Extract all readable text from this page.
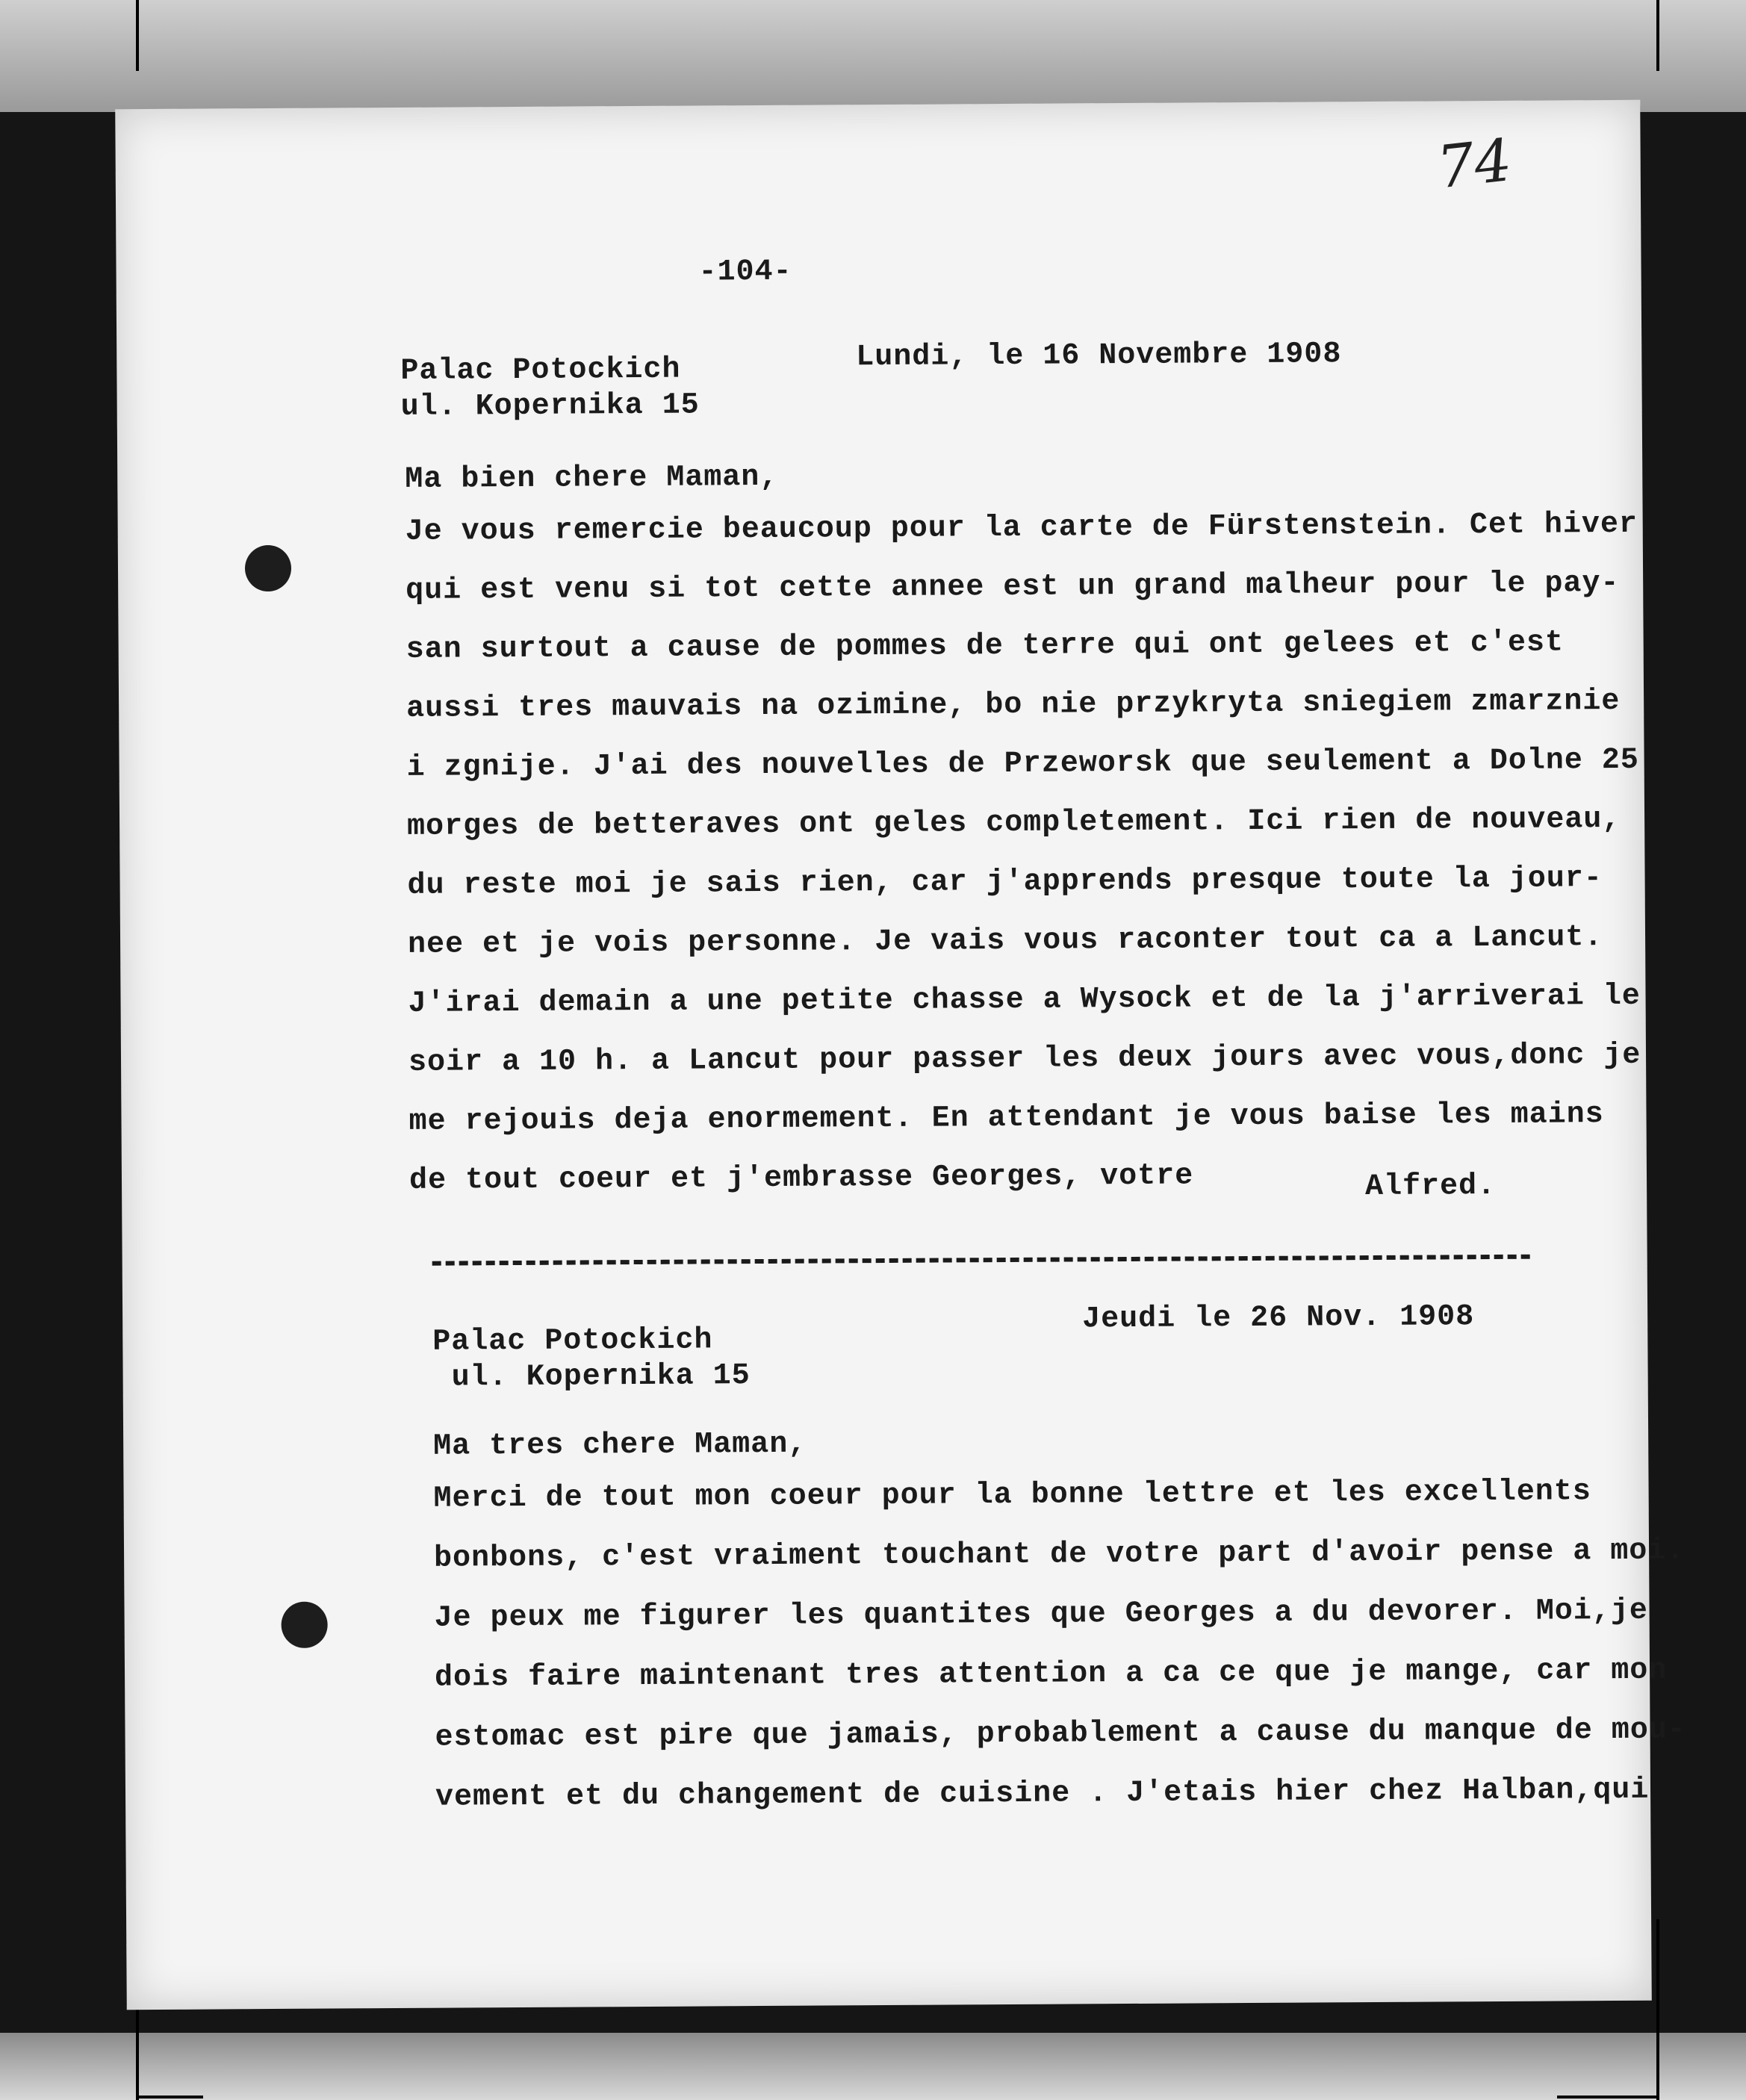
74
-104-
Palac Potockich
ul. Kopernika 15
Lundi, le 16 Novembre 1908
Ma bien chere Maman,
Je vous remercie beaucoup pour la carte de Fürstenstein. Cet hiver
qui est venu si tot cette annee est un grand malheur pour le pay-
san surtout a cause de pommes de terre qui ont gelees et c'est
aussi tres mauvais na ozimine, bo nie przykryta sniegiem zmarznie
i zgnije. J'ai des nouvelles de Przeworsk que seulement a Dolne 25
morges de betteraves ont geles completement. Ici rien de nouveau,
du reste moi je sais rien, car j'apprends presque toute la jour-
nee et je vois personne. Je vais vous raconter tout ca a Lancut.
J'irai demain a une petite chasse a Wysock et de la j'arriverai le
soir a 10 h. a Lancut pour passer les deux jours avec vous,donc je
me rejouis deja enormement. En attendant je vous baise les mains
de tout coeur et j'embrasse Georges, votre	Alfred.
Palac Potockich
ul. Kopernika 15
Jeudi le 26 Nov. 1908
Ma tres chere Maman,
Merci de tout mon coeur pour la bonne lettre et les excellents
bonbons, c'est vraiment touchant de votre part d'avoir pense a moi.
Je peux me figurer les quantites que Georges a du devorer. Moi,je
dois faire maintenant tres attention a ca ce que je mange, car mon
estomac est pire que jamais, probablement a cause du manque de mou-
vement et du changement de cuisine . J'etais hier chez Halban,qui
